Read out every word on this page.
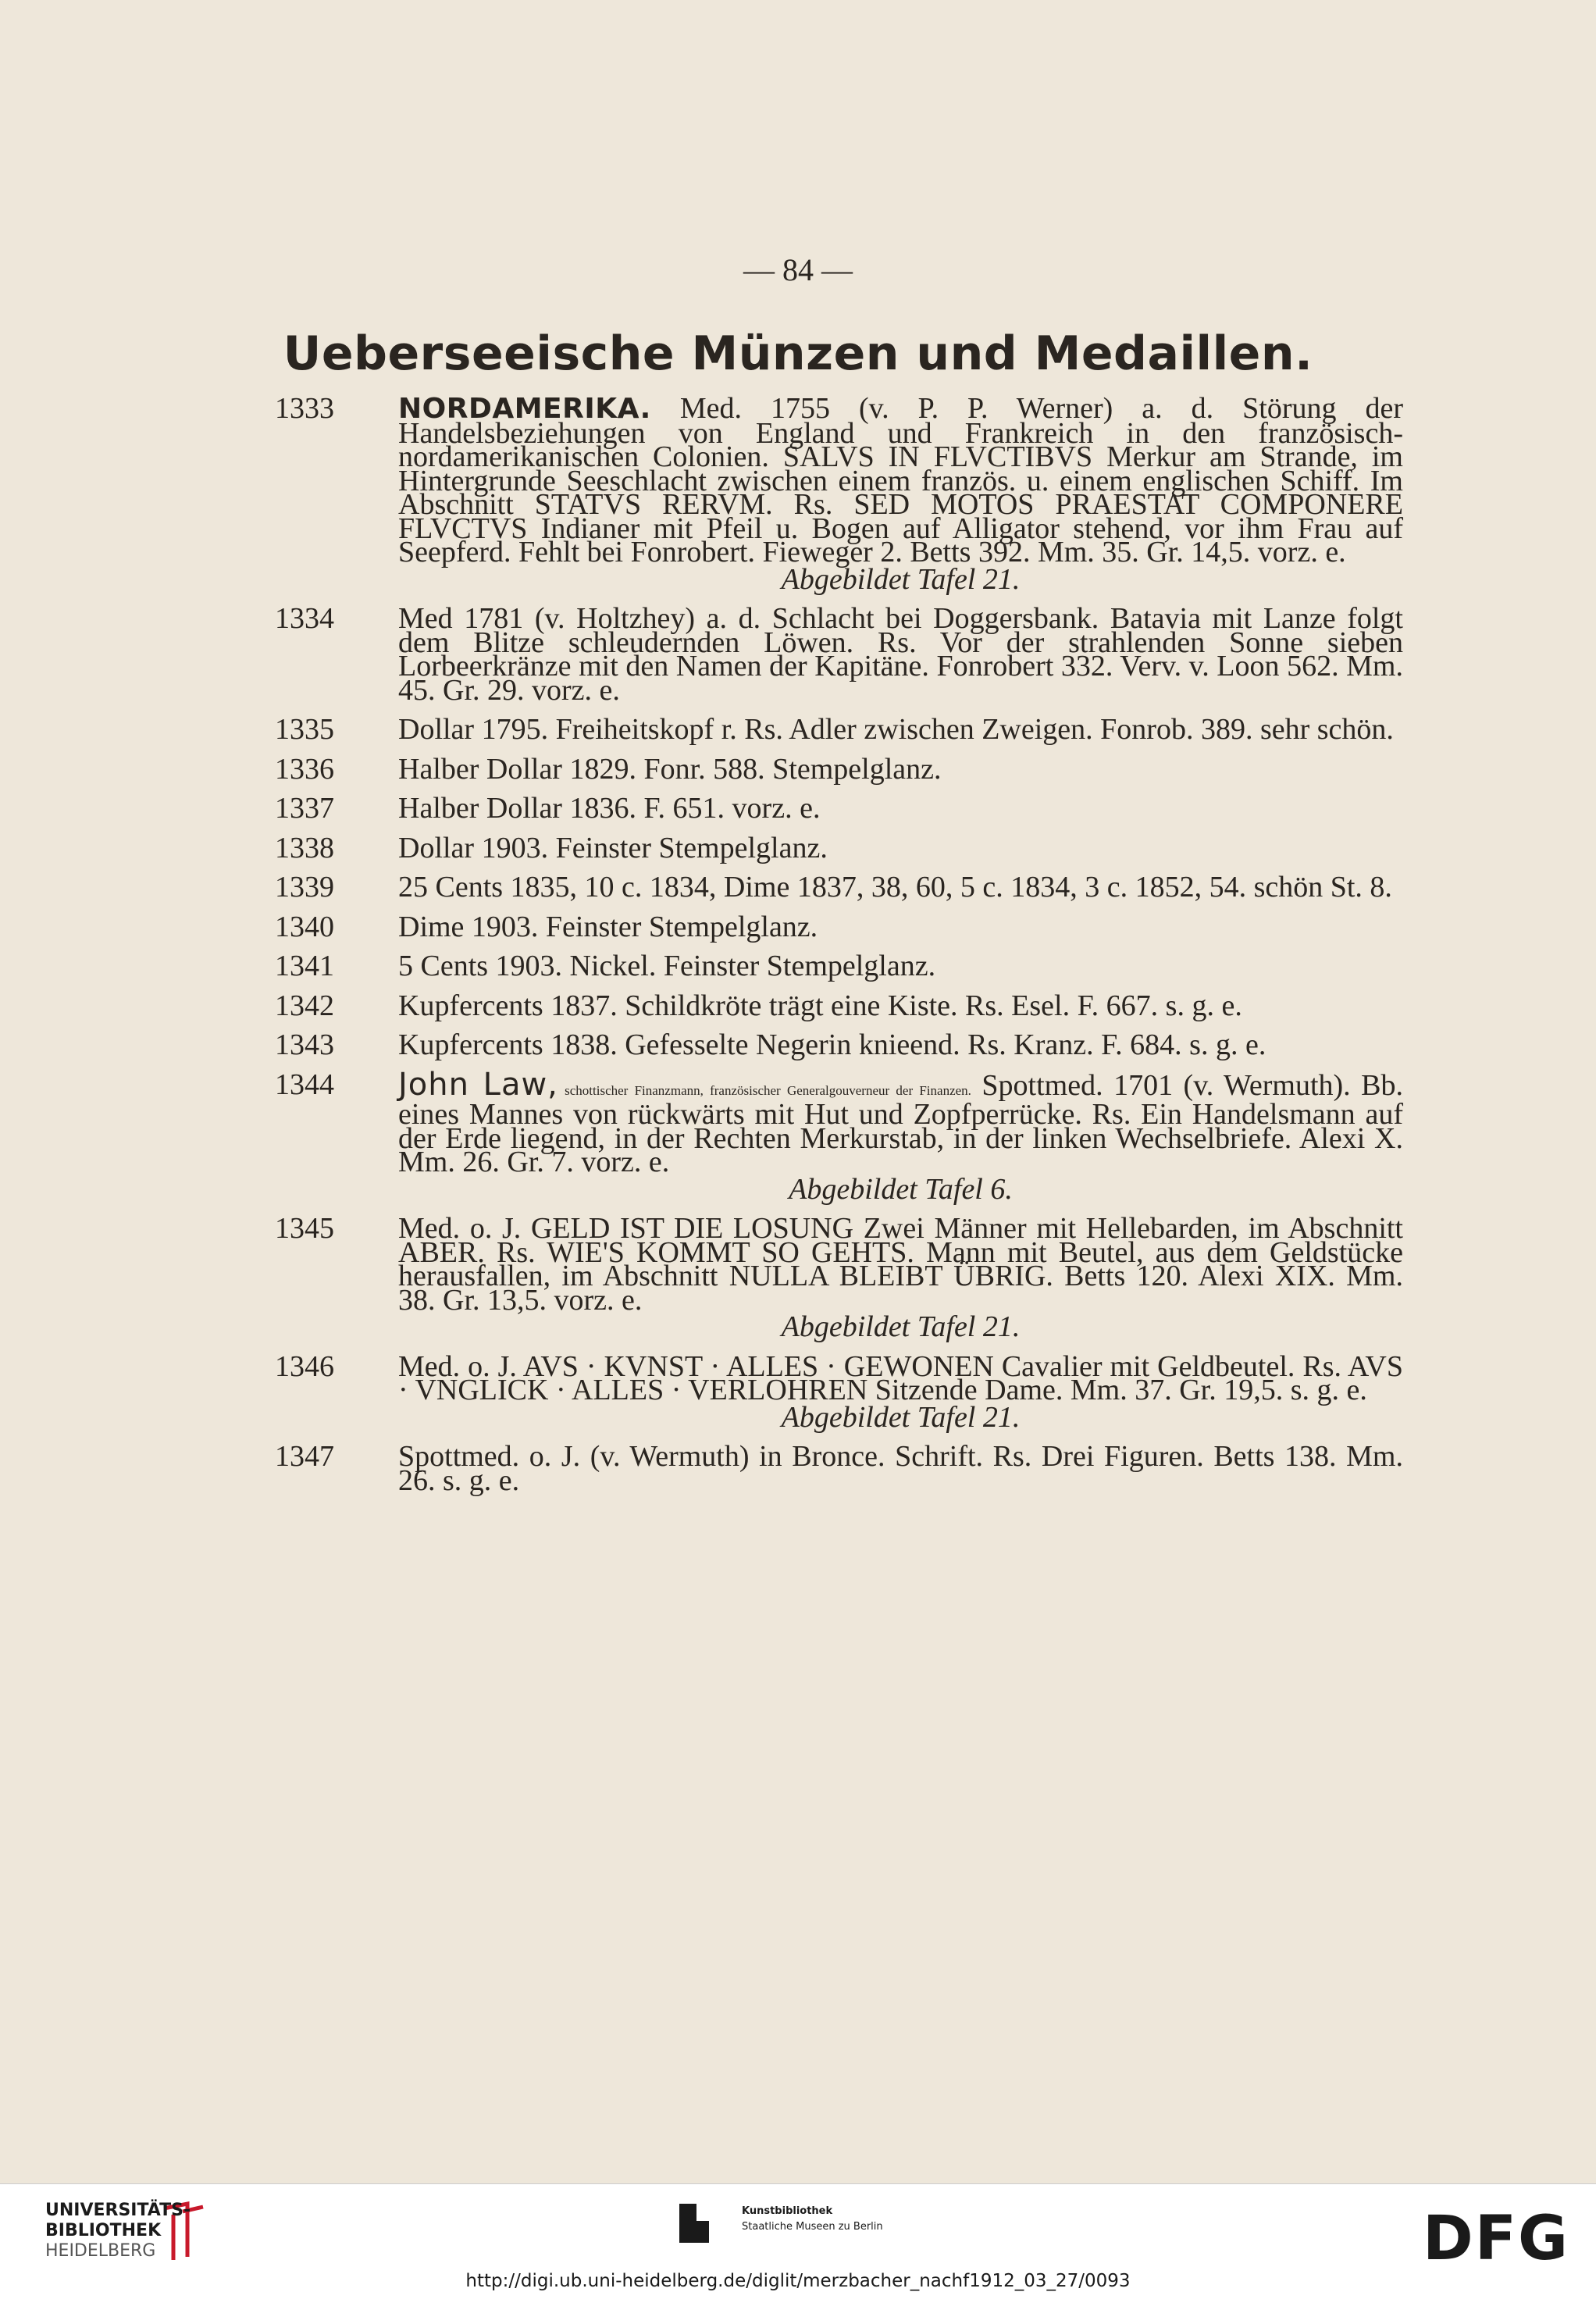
— 84 —
Ueberseeische Münzen und Medaillen.
1333 NORDAMERIKA. Med. 1755 (v. P. P. Werner) a. d. Störung der Handelsbeziehungen von England und Frankreich in den französisch-nordamerikanischen Colonien. SALVS IN FLVCTIBVS Merkur am Strande, im Hintergrunde Seeschlacht zwischen einem französ. u. einem englischen Schiff. Im Abschnitt STATVS RERVM. Rs. SED MOTOS PRAESTAT COMPONERE FLVCTVS Indianer mit Pfeil u. Bogen auf Alligator stehend, vor ihm Frau auf Seepferd. Fehlt bei Fonrobert. Fieweger 2. Betts 392. Mm. 35. Gr. 14,5. vorz. e.
Abgebildet Tafel 21.
1334 Med 1781 (v. Holtzhey) a. d. Schlacht bei Doggersbank. Batavia mit Lanze folgt dem Blitze schleudernden Löwen. Rs. Vor der strahlenden Sonne sieben Lorbeerkränze mit den Namen der Kapitäne. Fonrobert 332. Verv. v. Loon 562. Mm. 45. Gr. 29. vorz. e.
1335 Dollar 1795. Freiheitskopf r. Rs. Adler zwischen Zweigen. Fonrob. 389. sehr schön.
1336 Halber Dollar 1829. Fonr. 588. Stempelglanz.
1337 Halber Dollar 1836. F. 651. vorz. e.
1338 Dollar 1903. Feinster Stempelglanz.
1339 25 Cents 1835, 10 c. 1834, Dime 1837, 38, 60, 5 c. 1834, 3 c. 1852, 54. schön St. 8.
1340 Dime 1903. Feinster Stempelglanz.
1341 5 Cents 1903. Nickel. Feinster Stempelglanz.
1342 Kupfercents 1837. Schildkröte trägt eine Kiste. Rs. Esel. F. 667. s. g. e.
1343 Kupfercents 1838. Gefesselte Negerin knieend. Rs. Kranz. F. 684. s. g. e.
1344 John Law, schottischer Finanzmann, französischer Generalgouverneur der Finanzen. Spottmed. 1701 (v. Wermuth). Bb. eines Mannes von rückwärts mit Hut und Zopfperrücke. Rs. Ein Handelsmann auf der Erde liegend, in der Rechten Merkurstab, in der linken Wechselbriefe. Alexi X. Mm. 26. Gr. 7. vorz. e.
Abgebildet Tafel 6.
1345 Med. o. J. GELD IST DIE LOSUNG Zwei Männer mit Hellebarden, im Abschnitt ABER. Rs. WIE'S KOMMT SO GEHTS. Mann mit Beutel, aus dem Geldstücke herausfallen, im Abschnitt NULLA BLEIBT ÜBRIG. Betts 120. Alexi XIX. Mm. 38. Gr. 13,5. vorz. e.
Abgebildet Tafel 21.
1346 Med. o. J. AVS · KVNST · ALLES · GEWONEN Cavalier mit Geldbeutel. Rs. AVS · VNGLICK · ALLES · VERLOHREN Sitzende Dame. Mm. 37. Gr. 19,5. s. g. e.
Abgebildet Tafel 21.
1347 Spottmed. o. J. (v. Wermuth) in Bronce. Schrift. Rs. Drei Figuren. Betts 138. Mm. 26. s. g. e.
UNIVERSITÄTS-
BIBLIOTHEK
HEIDELBERG
Kunstbibliothek
Staatliche Museen zu Berlin	DFG
http://digi.ub.uni-heidelberg.de/diglit/merzbacher_nachf1912_03_27/0093
